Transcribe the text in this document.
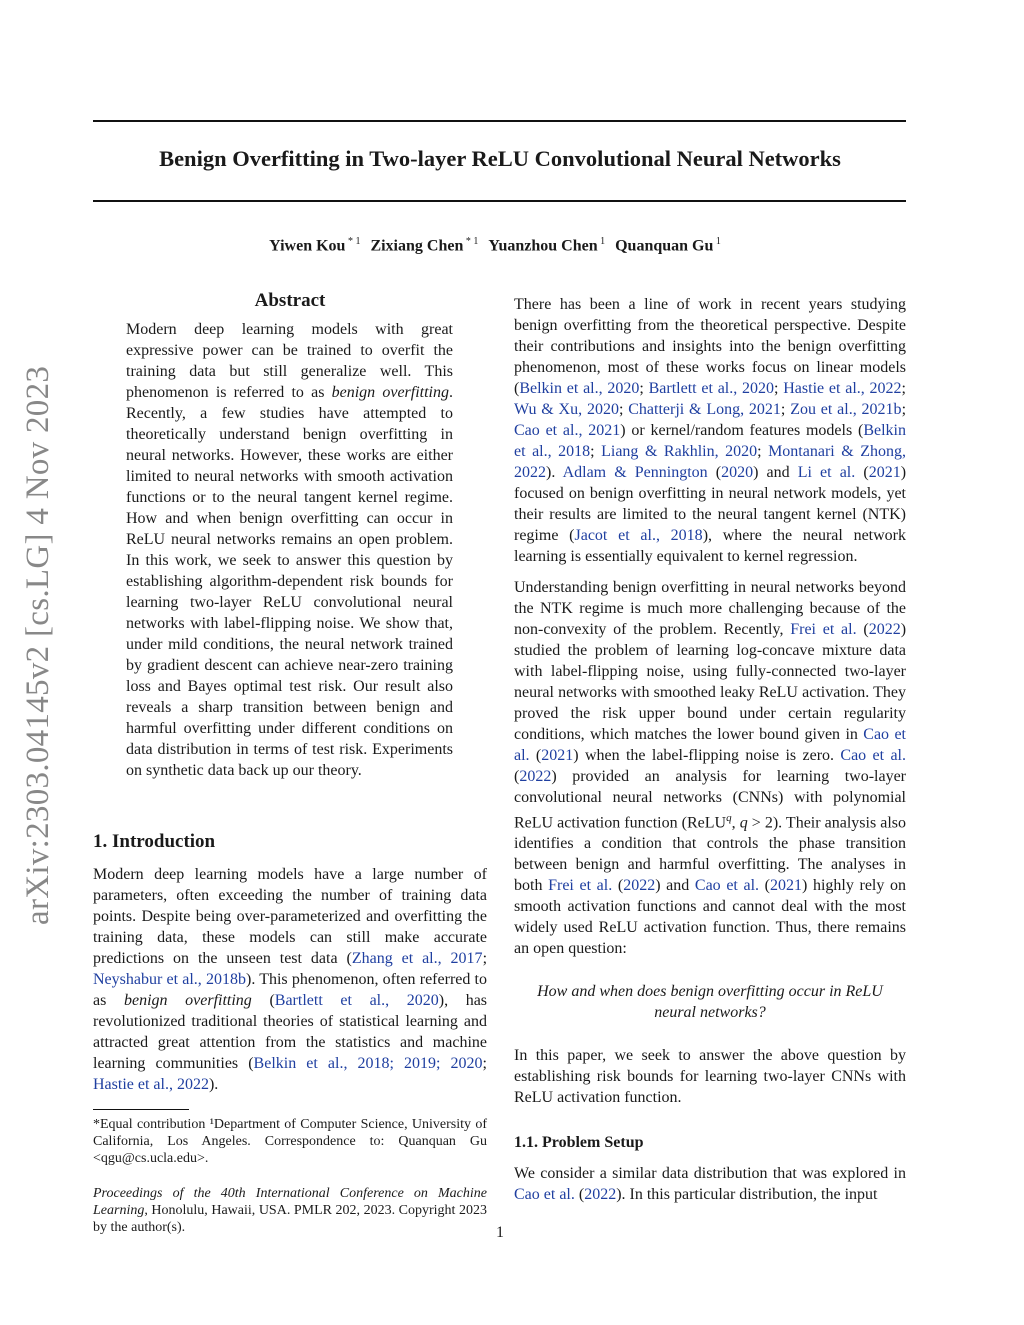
arXiv:2303.04145v2 [cs.LG] 4 Nov 2023
Benign Overfitting in Two-layer ReLU Convolutional Neural Networks
Yiwen Kou $^{* 1}$ Zixiang Chen $^{* 1}$ Yuanzhou Chen $^1$ Quanquan Gu $^1$
Abstract

Modern deep learning models with great expressive power can be trained to overfit the training data but still generalize well. This phenomenon is referred to as benign overfitting. Recently, a few studies have attempted to theoretically understand benign overfitting in neural networks. However, these works are either limited to neural networks with smooth activation functions or to the neural tangent kernel regime. How and when benign overfitting can occur in ReLU neural networks remains an open problem. In this work, we seek to answer this question by establishing algorithm-dependent risk bounds for learning two-layer ReLU convolutional neural networks with label-flipping noise. We show that, under mild conditions, the neural network trained by gradient descent can achieve near-zero training loss and Bayes optimal test risk. Our result also reveals a sharp transition between benign and harmful overfitting under different conditions on data distribution in terms of test risk. Experiments on synthetic data back up our theory.

1. Introduction

Modern deep learning models have a large number of parameters, often exceeding the number of training data points. Despite being over-parameterized and overfitting the training data, these models can still make accurate predictions on the unseen test data (Zhang et al., 2017; Neyshabur et al., 2018b). This phenomenon, often referred to as benign overfitting (Bartlett et al., 2020), has revolutionized traditional theories of statistical learning and attracted great attention from the statistics and machine learning communities (Belkin et al., 2018; 2019; 2020; Hastie et al., 2022).

*Equal contribution ¹Department of Computer Science, University of California, Los Angeles. Correspondence to: Quanquan Gu <qgu@cs.ucla.edu>.
Proceedings of the 40th International Conference on Machine Learning, Honolulu, Hawaii, USA. PMLR 202, 2023. Copyright 2023 by the author(s).

There has been a line of work in recent years studying benign overfitting from the theoretical perspective. Despite their contributions and insights into the benign overfitting phenomenon, most of these works focus on linear models (Belkin et al., 2020; Bartlett et al., 2020; Hastie et al., 2022; Wu & Xu, 2020; Chatterji & Long, 2021; Zou et al., 2021b; Cao et al., 2021) or kernel/random features models (Belkin et al., 2018; Liang & Rakhlin, 2020; Montanari & Zhong, 2022). Adlam & Pennington (2020) and Li et al. (2021) focused on benign overfitting in neural network models, yet their results are limited to the neural tangent kernel (NTK) regime (Jacot et al., 2018), where the neural network learning is essentially equivalent to kernel regression.

Understanding benign overfitting in neural networks beyond the NTK regime is much more challenging because of the non-convexity of the problem. Recently, Frei et al. (2022) studied the problem of learning log-concave mixture data with label-flipping noise, using fully-connected two-layer neural networks with smoothed leaky ReLU activation. They proved the risk upper bound under certain regularity conditions, which matches the lower bound given in Cao et al. (2021) when the label-flipping noise is zero. Cao et al. (2022) provided an analysis for learning two-layer convolutional neural networks (CNNs) with polynomial ReLU activation function (ReLU$^q$, q > 2). Their analysis also identifies a condition that controls the phase transition between benign and harmful overfitting. The analyses in both Frei et al. (2022) and Cao et al. (2021) highly rely on smooth activation functions and cannot deal with the most widely used ReLU activation function. Thus, there remains an open question:

How and when does benign overfitting occur in ReLU neural networks?

In this paper, we seek to answer the above question by establishing risk bounds for learning two-layer CNNs with ReLU activation function.

1.1. Problem Setup

We consider a similar data distribution that was explored in Cao et al. (2022). In this particular distribution, the input

1
